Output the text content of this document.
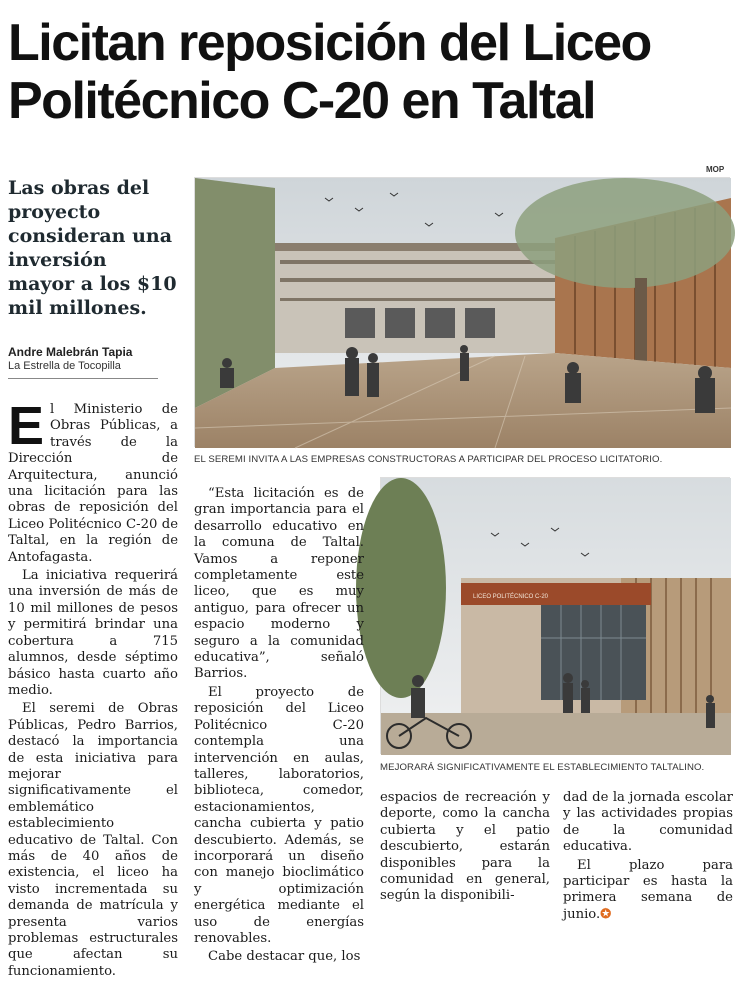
Licitan reposición del Liceo
Politécnico C-20 en Taltal
Las obras del proyecto consideran una inversión mayor a los $10 mil millones.
Andre Malebrán Tapia
La Estrella de Tocopilla
MOP
EL SEREMI INVITA A LAS EMPRESAS CONSTRUCTORAS A PARTICIPAR DEL PROCESO LICITATORIO.
LICEO POLITÉCNICO C-20
MEJORARÁ SIGNIFICATIVAMENTE EL ESTABLECIMIENTO TALTALINO.

El Ministerio de Obras Públicas, a través de la Dirección de Arquitectura, anunció una licitación para las obras de reposición del Liceo Politécnico C-20 de Taltal, en la región de Antofagasta.

La iniciativa requerirá una inversión de más de 10 mil millones de pesos y permitirá brindar una cobertura a 715 alumnos, desde séptimo básico hasta cuarto año medio.

El seremi de Obras Públicas, Pedro Barrios, destacó la importancia de esta iniciativa para mejorar significativamente el emblemático establecimiento educativo de Taltal. Con más de 40 años de existencia, el liceo ha visto incrementada su demanda de matrícula y presenta varios problemas estructurales que afectan su funcionamiento.

“Esta licitación es de gran importancia para el desarrollo educativo en la comuna de Taltal. Vamos a reponer completamente este liceo, que es muy antiguo, para ofrecer un espacio moderno y seguro a la comunidad educativa”, señaló Barrios.

El proyecto de reposición del Liceo Politécnico C-20 contempla una intervención en aulas, talleres, laboratorios, biblioteca, comedor, estacionamientos, cancha cubierta y patio descubierto. Además, se incorporará un diseño con manejo bioclimático y optimización energética mediante el uso de energías renovables.

Cabe destacar que, los

espacios de recreación y deporte, como la cancha cubierta y el patio descubierto, estarán disponibles para la comunidad en general, según la disponibili-

dad de la jornada escolar y las actividades propias de la comunidad educativa.

El plazo para participar es hasta la primera semana de junio.✪
